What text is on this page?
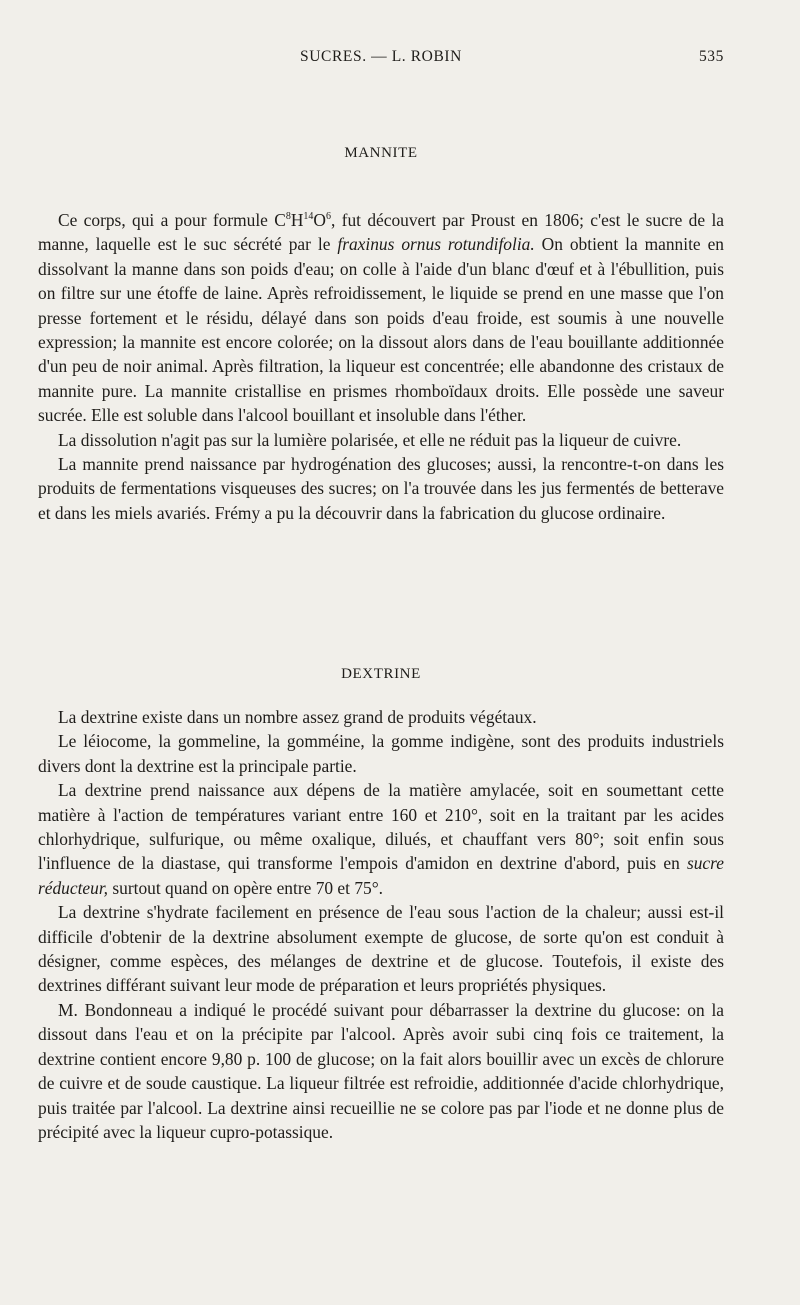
SUCRES. — L. ROBIN	535
MANNITE

Ce corps, qui a pour formule $C^8H^{14}O^6$, fut découvert par Proust en 1806; c'est le sucre de la manne, laquelle est le suc sécrété par le fraxinus ornus rotundifolia. On obtient la mannite en dissolvant la manne dans son poids d'eau; on colle à l'aide d'un blanc d'œuf et à l'ébullition, puis on filtre sur une étoffe de laine. Après refroidissement, le liquide se prend en une masse que l'on presse fortement et le résidu, délayé dans son poids d'eau froide, est soumis à une nouvelle expression; la mannite est encore colorée; on la dissout alors dans de l'eau bouillante additionnée d'un peu de noir animal. Après filtration, la liqueur est concentrée; elle abandonne des cristaux de mannite pure. La mannite cristallise en prismes rhomboïdaux droits. Elle possède une saveur sucrée. Elle est soluble dans l'alcool bouillant et insoluble dans l'éther.

La dissolution n'agit pas sur la lumière polarisée, et elle ne réduit pas la liqueur de cuivre.

La mannite prend naissance par hydrogénation des glucoses; aussi, la rencontre-t-on dans les produits de fermentations visqueuses des sucres; on l'a trouvée dans les jus fermentés de betterave et dans les miels avariés. Frémy a pu la découvrir dans la fabrication du glucose ordinaire.

DEXTRINE

La dextrine existe dans un nombre assez grand de produits végétaux.

Le léiocome, la gommeline, la gomméine, la gomme indigène, sont des produits industriels divers dont la dextrine est la principale partie.

La dextrine prend naissance aux dépens de la matière amylacée, soit en soumettant cette matière à l'action de températures variant entre 160 et 210°, soit en la traitant par les acides chlorhydrique, sulfurique, ou même oxalique, dilués, et chauffant vers 80°; soit enfin sous l'influence de la diastase, qui transforme l'empois d'amidon en dextrine d'abord, puis en sucre réducteur, surtout quand on opère entre 70 et 75°.

La dextrine s'hydrate facilement en présence de l'eau sous l'action de la chaleur; aussi est-il difficile d'obtenir de la dextrine absolument exempte de glucose, de sorte qu'on est conduit à désigner, comme espèces, des mélanges de dextrine et de glucose. Toutefois, il existe des dextrines différant suivant leur mode de préparation et leurs propriétés physiques.

M. Bondonneau a indiqué le procédé suivant pour débarrasser la dextrine du glucose: on la dissout dans l'eau et on la précipite par l'alcool. Après avoir subi cinq fois ce traitement, la dextrine contient encore 9,80 p. 100 de glucose; on la fait alors bouillir avec un excès de chlorure de cuivre et de soude caustique. La liqueur filtrée est refroidie, additionnée d'acide chlorhydrique, puis traitée par l'alcool. La dextrine ainsi recueillie ne se colore pas par l'iode et ne donne plus de précipité avec la liqueur cupro-potassique.
